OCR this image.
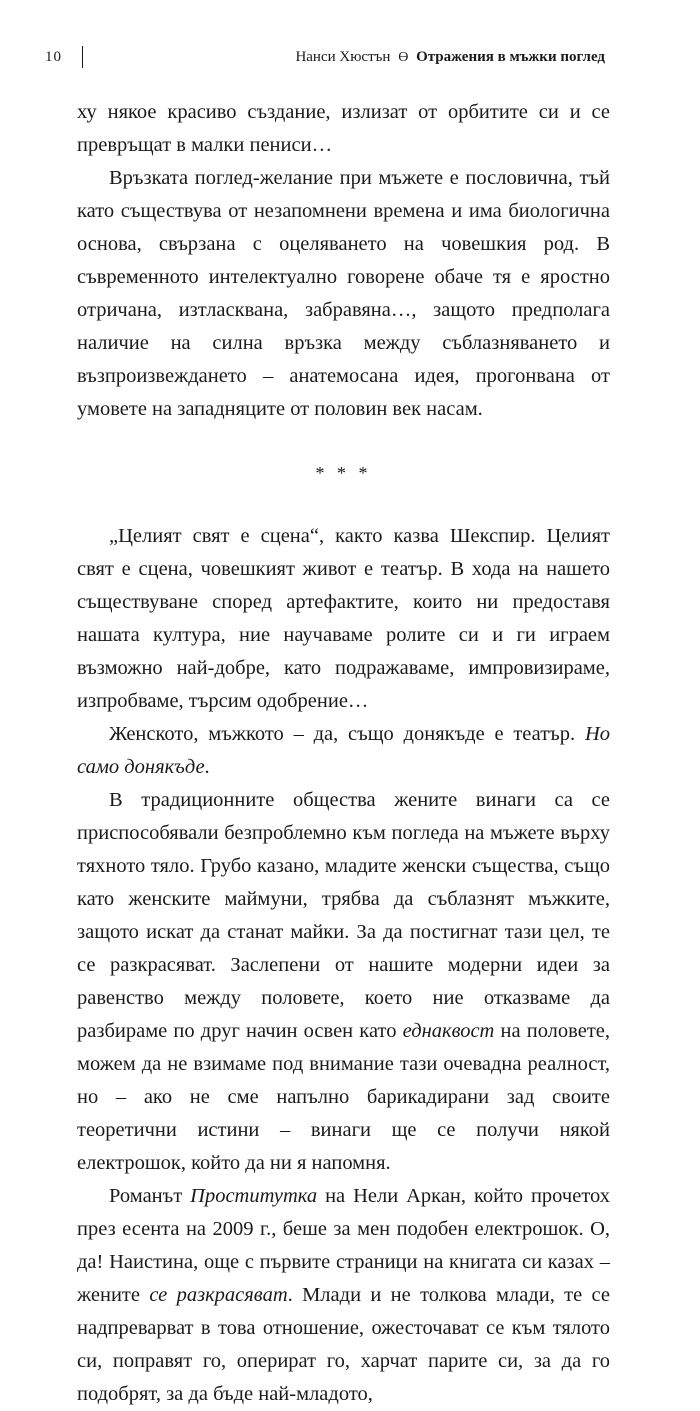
10	Нанси Хюстън ϴ Отражения в мъжки поглед

ху някое красиво създание, излизат от орбитите си и се превръщат в малки пениси…

Връзката поглед-желание при мъжете е пословична, тъй като съществува от незапомнени времена и има биологична основа, свързана с оцеляването на човешкия род. В съвременното интелектуално говорене обаче тя е яростно отричана, изтласквана, забравяна…, защото предполага наличие на силна връзка между съблазняването и възпроизвеждането – анатемосана идея, прогонвана от умовете на западняците от половин век насам.

* * *

„Целият свят е сцена“, както казва Шекспир. Целият свят е сцена, човешкият живот е театър. В хода на нашето съществуване според артефактите, които ни предоставя нашата култура, ние научаваме ролите си и ги играем възможно най-добре, като подражаваме, импровизираме, изпробваме, търсим одобрение…

Женското, мъжкото – да, също донякъде е театър. Но само донякъде.

В традиционните общества жените винаги са се приспособявали безпроблемно към погледа на мъжете върху тяхното тяло. Грубо казано, младите женски същества, също като женските маймуни, трябва да съблазнят мъжките, защото искат да станат майки. За да постигнат тази цел, те се разкрасяват. Заслепени от нашите модерни идеи за равенство между половете, което ние отказваме да разбираме по друг начин освен като еднаквост на половете, можем да не взимаме под внимание тази очевадна реалност, но – ако не сме напълно барикадирани зад своите теоретични истини – винаги ще се получи някой електрошок, който да ни я напомня.

Романът Проститутка на Нели Аркан, който прочетох през есента на 2009 г., беше за мен подобен електрошок. О, да! Наистина, още с първите страници на книгата си казах – жените се разкрасяват. Млади и не толкова млади, те се надпреварват в това отношение, ожесточават се към тялото си, поправят го, оперират го, харчат парите си, за да го подобрят, за да бъде най-младото,
